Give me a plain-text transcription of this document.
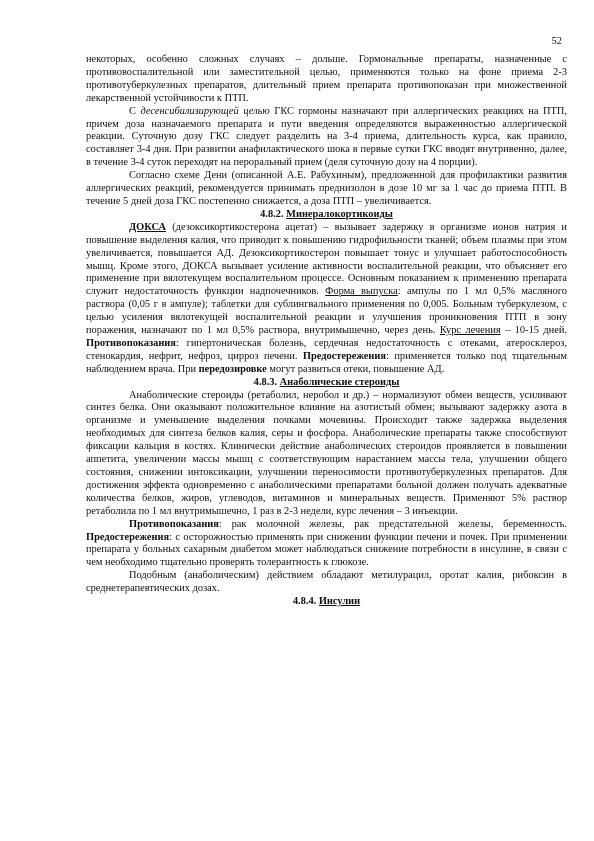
52

некоторых, особенно сложных случаях – дольше. Гормональные препараты, назначенные с противовоспалительной или заместительной целью, применяются только на фоне приема 2-3 противотуберкулезных препаратов, длительный прием препарата противопоказан при множественной лекарственной устойчивости к ПТП.

С десенсибилизирующей целью ГКС гормоны назначают при аллергических реакциях на ПТП, причем доза назначаемого препарата и пути введения определяются выраженностью аллергической реакции. Суточную дозу ГКС следует разделить на 3-4 приема, длительность курса, как правило, составляет 3-4 дня. При развитии анафилактического шока в первые сутки ГКС вводят внутривенно, далее, в течение 3-4 суток переходят на пероральный прием (деля суточную дозу на 4 порции).

Согласно схеме Дени (описанной А.Е. Рабухиным), предложенной для профилактики развития аллергических реакций, рекомендуется принимать преднизолон в дозе 10 мг за 1 час до приема ПТП. В течение 5 дней доза ГКС постепенно снижается, а доза ПТП – увеличивается.

4.8.2. Минералокортикоиды

ДОКСА (дезоксикортикостерона ацетат) – вызывает задержку в организме ионов натрия и повышение выделения калия, что приводит к повышению гидрофильности тканей; объем плазмы при этом увеличивается, повышается АД. Дезоксикортикостерон повышает тонус и улучшает работоспособность мышц. Кроме этого, ДОКСА вызывает усиление активности воспалительной реакции, что объясняет его применение при вялотекущем воспалительном процессе. Основным показанием к применению препарата служит недостаточность функции надпочечников. Форма выпуска: ампулы по 1 мл 0,5% масляного раствора (0,05 г в ампуле); таблетки для сублингвального применения по 0,005. Больным туберкулезом, с целью усиления вялотекущей воспалительной реакции и улучшения проникновения ПТП в зону поражения, назначают по 1 мл 0,5% раствора, внутримышечно, через день. Курс лечения – 10-15 дней. Противопоказания: гипертоническая болезнь, сердечная недостаточность с отеками, атеросклероз, стенокардия, нефрит, нефроз, цирроз печени. Предостережения: применяется только под тщательным наблюдением врача. При передозировке могут развиться отеки, повышение АД.

4.8.3. Анаболические стероиды

Анаболические стероиды (ретаболил, неробол и др.) – нормализуют обмен веществ, усиливают синтез белка. Они оказывают положительное влияние на азотистый обмен; вызывают задержку азота в организме и уменьшение выделения почками мочевины. Происходит также задержка выделения необходимых для синтеза белков калия, серы и фосфора. Анаболические препараты также способствуют фиксации кальция в костях. Клинически действие анаболических стероидов проявляется в повышении аппетита, увеличении массы мышц с соответствующим нарастанием массы тела, улучшении общего состояния, снижении интоксикации, улучшении переносимости противотуберкулезных препаратов. Для достижения эффекта одновременно с анаболическими препаратами больной должен получать адекватные количества белков, жиров, углеводов, витаминов и минеральных веществ. Применяют 5% раствор ретаболила по 1 мл внутримышечно, 1 раз в 2-3 недели, курс лечения – 3 инъекции.

Противопоказания: рак молочной железы, рак предстательной железы, беременность. Предостережения: с осторожностью применять при снижении функции печени и почек. При применении препарата у больных сахарным диабетом может наблюдаться снижение потребности в инсулине, в связи с чем необходимо тщательно проверять толерантность к глюкозе.

Подобным (анаболическим) действием обладают метилурацил, оротат калия, рибоксин в среднетерапевтических дозах.

4.8.4. Инсулин
